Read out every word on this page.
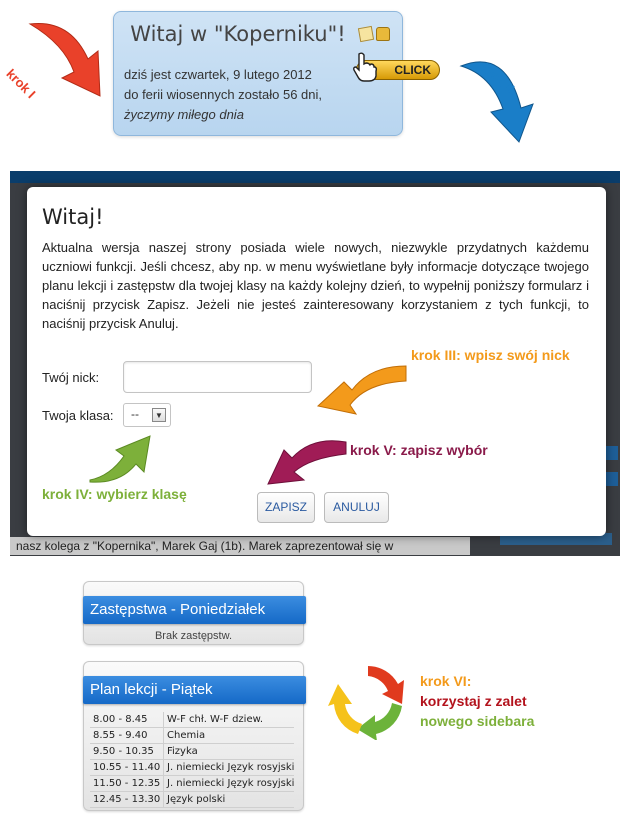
Witaj w "Koperniku"!
dziś jest czwartek, 9 lutego 2012
do ferii wiosennych zostało 56 dni,
życzymy miłego dnia
CLICK
krok I	krok II
nasz kolega z "Kopernika", Marek Gaj (1b). Marek zaprezentował się w
Witaj!
Aktualna wersja naszej strony posiada wiele nowych, niezwykle przydatnych każdemu uczniowi funkcji. Jeśli chcesz, aby np. w menu wyświetlane były informacje dotyczące twojego planu lekcji i zastępstw dla twojej klasy na każdy kolejny dzień, to wypełnij poniższy formularz i naciśnij przycisk Zapisz. Jeżeli nie jesteś zainteresowany korzystaniem z tych funkcji, to naciśnij przycisk Anuluj.
Twój nick:
Twoja klasa: --	▼
ZAPISZ	ANULUJ
krok III: wpisz swój nick
krok IV: wybierz klasę
krok V: zapisz wybór
Zastępstwa - Poniedziałek
Brak zastępstw.
Plan lekcji - Piątek
8.00 - 8.45 W-F chł. W-F dziew.
8.55 - 9.40 Chemia
9.50 - 10.35 Fizyka
10.55 - 11.40 J. niemiecki Język rosyjski
11.50 - 12.35 J. niemiecki Język rosyjski
12.45 - 13.30 Język polski
krok VI:
korzystaj z zalet
nowego sidebara
